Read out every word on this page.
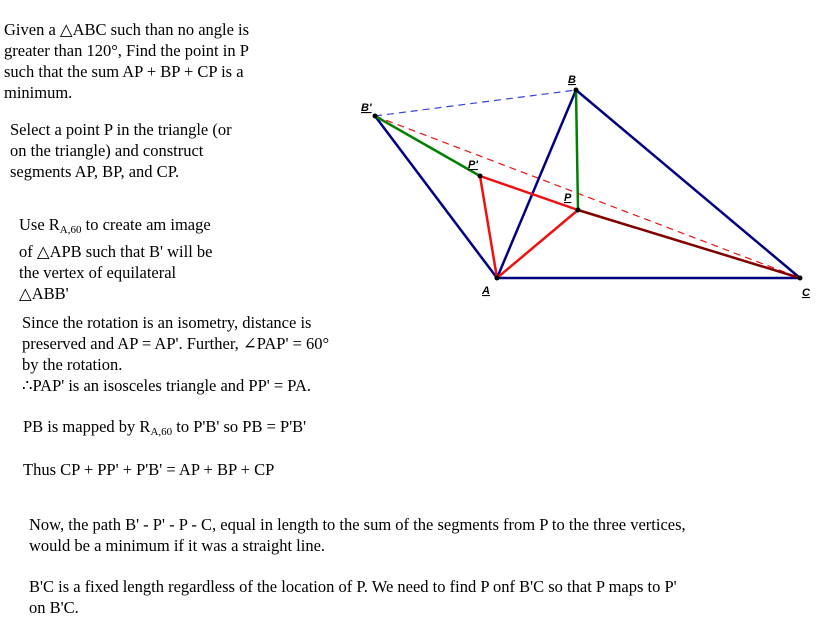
A
B
C
B'
P
P'

Given a △ABC such than no angle is

greater than 120°, Find the point in P

such that the sum AP + BP + CP is a

minimum.

Select a point P in the triangle (or

on the triangle) and construct

segments AP, BP, and CP.

Use $R_{A,60}$ to create am image

of △APB such that B' will be

the vertex of equilateral

△ABB'

Since the rotation is an isometry, distance is

preserved and AP = AP'. Further, ∠PAP' = 60°

by the rotation.

∴PAP' is an isosceles triangle and PP' = PA.

PB is mapped by $R_{A,60}$ to P'B' so PB = P'B'

Thus CP + PP' + P'B' = AP + BP + CP

Now, the path B' - P' - P - C, equal in length to the sum of the segments from P to the three vertices,

would be a minimum if it was a straight line.

B'C is a fixed length regardless of the location of P. We need to find P onf B'C so that P maps to P'

on B'C.
